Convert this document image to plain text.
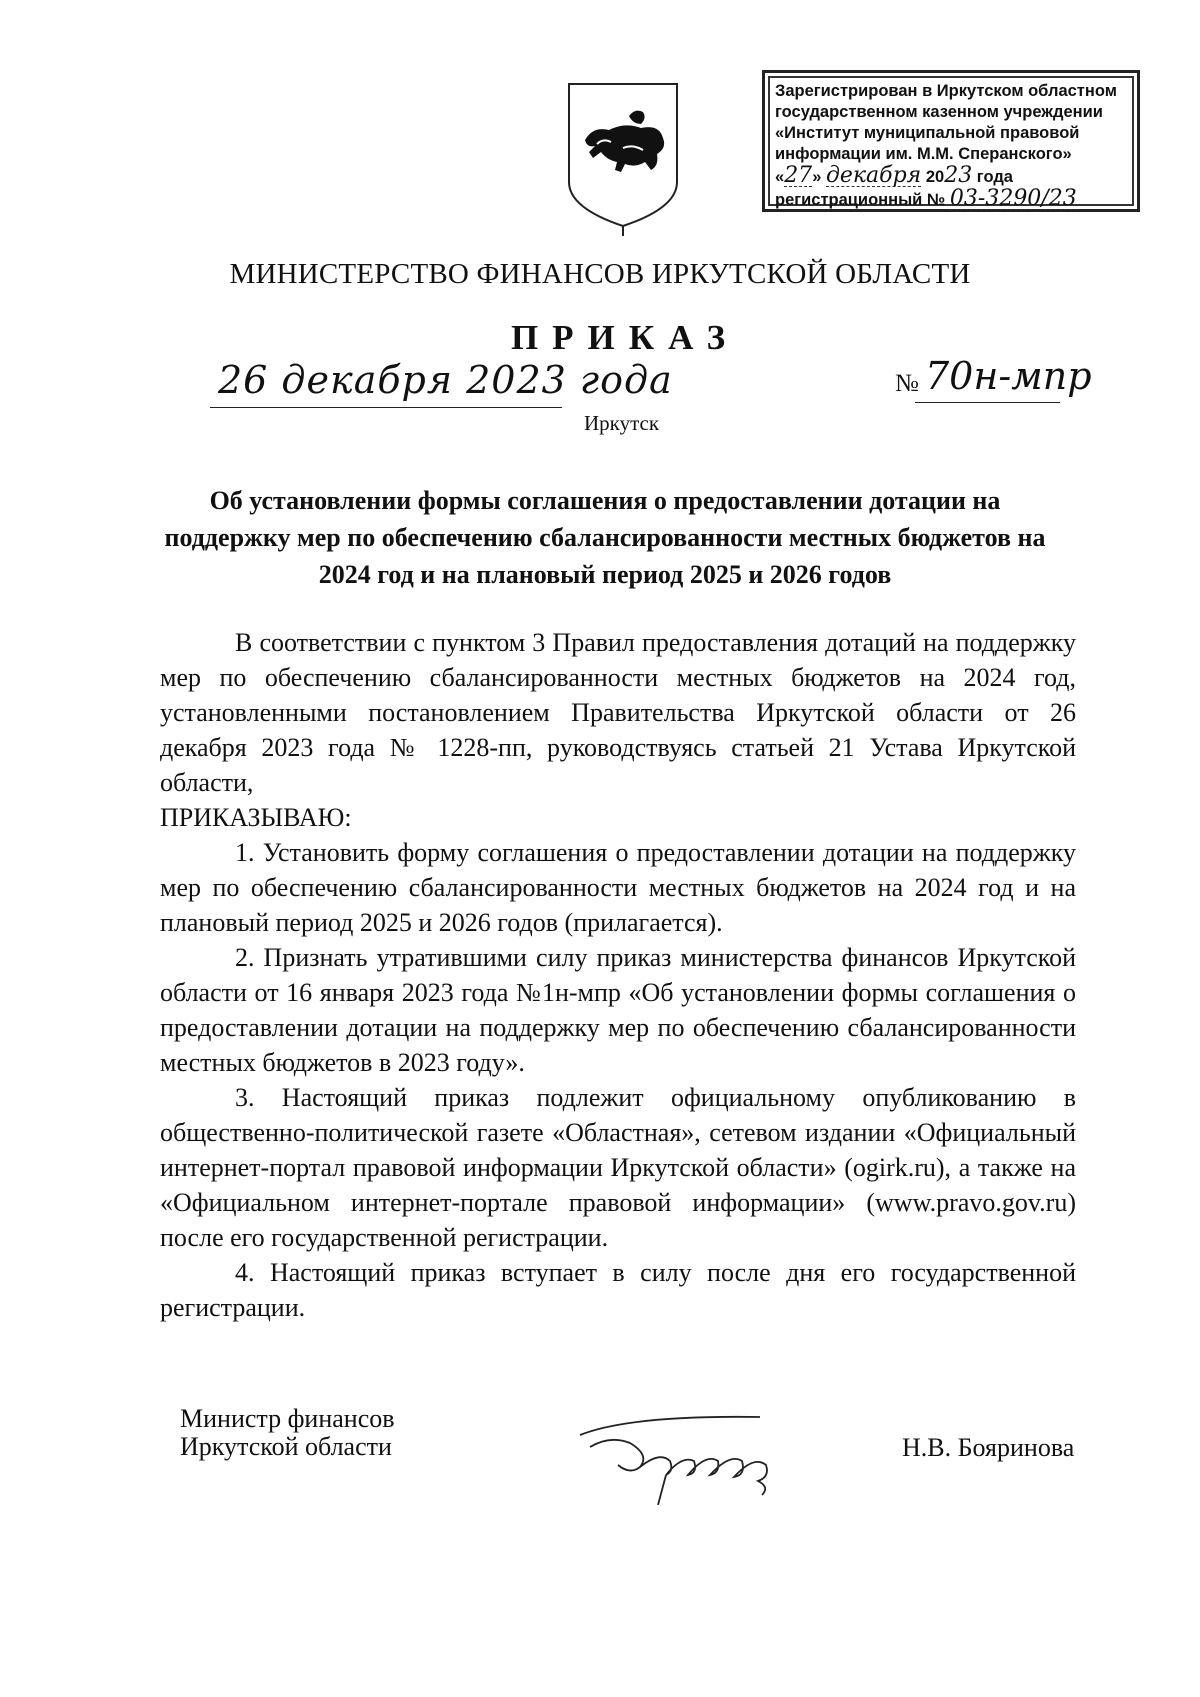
Зарегистрирован в Иркутском областном
государственном казенном учреждении
«Институт муниципальной правовой
информации им. М.М. Сперанского»
«27» декабря 2023 года
регистрационный № 03-3290/23
МИНИСТЕРСТВО ФИНАНСОВ ИРКУТСКОЙ ОБЛАСТИ
ПРИКАЗ
26 декабря 2023 года	№ 70н-мпр
Иркутск
Об установлении формы соглашения о предоставлении дотации на поддержку мер по обеспечению сбалансированности местных бюджетов на 2024 год и на плановый период 2025 и 2026 годов

В соответствии с пунктом 3 Правил предоставления дотаций на поддержку мер по обеспечению сбалансированности местных бюджетов на 2024 год, установленными постановлением Правительства Иркутской области от 26 декабря 2023 года № 1228-пп, руководствуясь статьей 21 Устава Иркутской области,

ПРИКАЗЫВАЮ:

1. Установить форму соглашения о предоставлении дотации на поддержку мер по обеспечению сбалансированности местных бюджетов на 2024 год и на плановый период 2025 и 2026 годов (прилагается).

2. Признать утратившими силу приказ министерства финансов Иркутской области от 16 января 2023 года №1н-мпр «Об установлении формы соглашения о предоставлении дотации на поддержку мер по обеспечению сбалансированности местных бюджетов в 2023 году».

3. Настоящий приказ подлежит официальному опубликованию в общественно-политической газете «Областная», сетевом издании «Официальный интернет-портал правовой информации Иркутской области» (ogirk.ru), а также на «Официальном интернет-портале правовой информации» (www.pravo.gov.ru) после его государственной регистрации.

4. Настоящий приказ вступает в силу после дня его государственной регистрации.

Министр финансов
Иркутской области	Н.В. Бояринова
